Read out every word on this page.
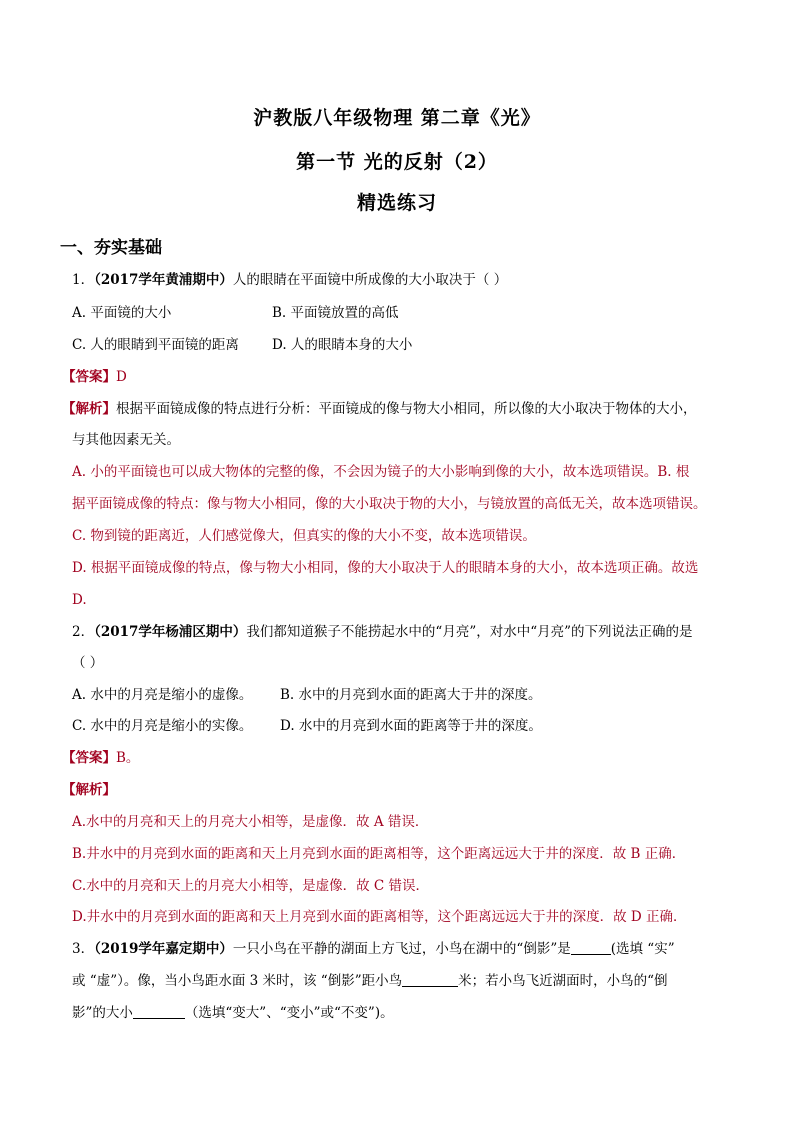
沪教版八年级物理 第二章《光》
第一节 光的反射（2）
精选练习
一、夯实基础
1．（2017学年黄浦期中）人的眼睛在平面镜中所成像的大小取决于（ ）
A. 平面镜的大小	B. 平面镜放置的高低
C. 人的眼睛到平面镜的距离 D. 人的眼睛本身的大小
【答案】D
【解析】根据平面镜成像的特点进行分析：平面镜成的像与物大小相同，所以像的大小取决于物体的大小，
与其他因素无关。
A. 小的平面镜也可以成大物体的完整的像，不会因为镜子的大小影响到像的大小，故本选项错误。B. 根
据平面镜成像的特点：像与物大小相同，像的大小取决于物的大小，与镜放置的高低无关，故本选项错误。
C. 物到镜的距离近，人们感觉像大，但真实的像的大小不变，故本选项错误。
D. 根据平面镜成像的特点，像与物大小相同，像的大小取决于人的眼睛本身的大小，故本选项正确。故选
D.
2．（2017学年杨浦区期中）我们都知道猴子不能捞起水中的“月亮”，对水中“月亮”的下列说法正确的是
（ ）
A. 水中的月亮是缩小的虚像。 B. 水中的月亮到水面的距离大于井的深度。
C. 水中的月亮是缩小的实像。 D. 水中的月亮到水面的距离等于井的深度。
【答案】B。
【解析】
A.水中的月亮和天上的月亮大小相等，是虚像．故 A 错误．
B.井水中的月亮到水面的距离和天上月亮到水面的距离相等，这个距离远远大于井的深度．故 B 正确．
C.水中的月亮和天上的月亮大小相等，是虚像．故 C 错误．
D.井水中的月亮到水面的距离和天上月亮到水面的距离相等，这个距离远远大于井的深度．故 D 正确．
3．（2019学年嘉定期中）一只小鸟在平静的湖面上方飞过，小鸟在湖中的“倒影”是	(选填 “实”
或 “虚”）。像，当小鸟距水面 3 米时，该 “倒影”距小鸟	米；若小鸟飞近湖面时，小鸟的“倒
影”的大小	（选填“变大”、“变小”或“不变”)。
